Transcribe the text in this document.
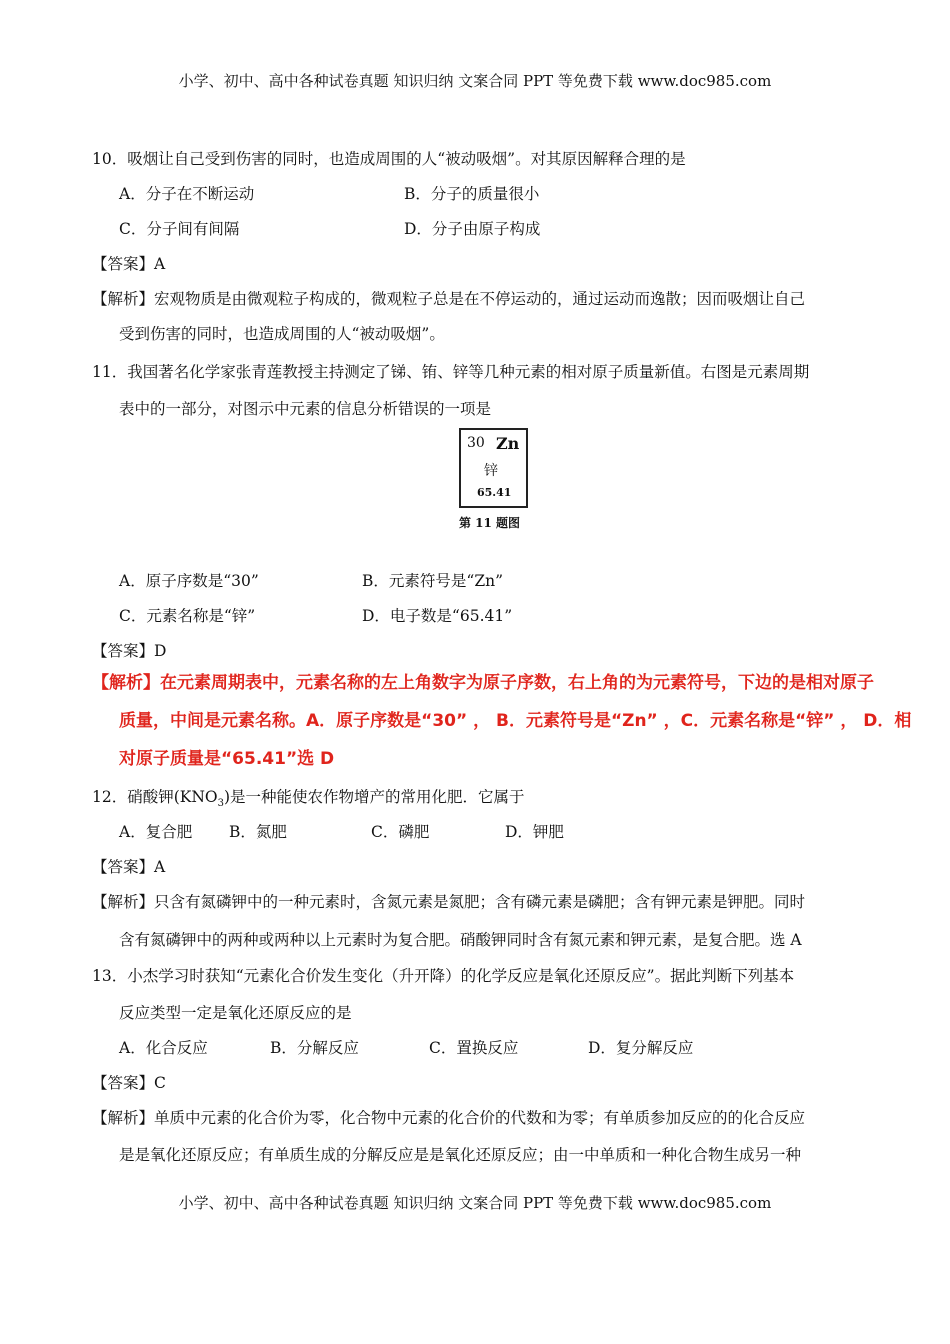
小学、初中、高中各种试卷真题 知识归纳 文案合同 PPT 等免费下载 www.doc985.com
10．吸烟让自己受到伤害的同时，也造成周围的人“被动吸烟”。对其原因解释合理的是
A．分子在不断运动	B．分子的质量很小
C．分子间有间隔	D．分子由原子构成
【答案】A
【解析】宏观物质是由微观粒子构成的，微观粒子总是在不停运动的，通过运动而逸散；因而吸烟让自己
受到伤害的同时，也造成周围的人“被动吸烟”。
11．我国著名化学家张青莲教授主持测定了锑、铕、锌等几种元素的相对原子质量新值。右图是元素周期
表中的一部分，对图示中元素的信息分析错误的一项是
30 Zn
锌
65.41
第 11 题图
A．原子序数是“30”	B．元素符号是“Zn”
C．元素名称是“锌”	D．电子数是“65.41”
【答案】D
【解析】在元素周期表中，元素名称的左上角数字为原子序数，右上角的为元素符号，下边的是相对原子
质量，中间是元素名称。A．原子序数是“30” ， B．元素符号是“Zn” ，C．元素名称是“锌” ， D．相
对原子质量是“65.41”选 D
12．硝酸钾$(KNO_3)$是一种能使农作物增产的常用化肥．它属于
A．复合肥 B．氮肥	C．磷肥	D．钾肥
【答案】A
【解析】只含有氮磷钾中的一种元素时，含氮元素是氮肥；含有磷元素是磷肥；含有钾元素是钾肥。同时
含有氮磷钾中的两种或两种以上元素时为复合肥。硝酸钾同时含有氮元素和钾元素，是复合肥。选 A
13．小杰学习时获知“元素化合价发生变化（升开降）的化学反应是氧化还原反应”。据此判断下列基本
反应类型一定是氧化还原反应的是
A．化合反应	B．分解反应	C．置换反应	D．复分解反应
【答案】C
【解析】单质中元素的化合价为零，化合物中元素的化合价的代数和为零；有单质参加反应的的化合反应
是是氧化还原反应；有单质生成的分解反应是是氧化还原反应；由一中单质和一种化合物生成另一种
小学、初中、高中各种试卷真题 知识归纳 文案合同 PPT 等免费下载 www.doc985.com
